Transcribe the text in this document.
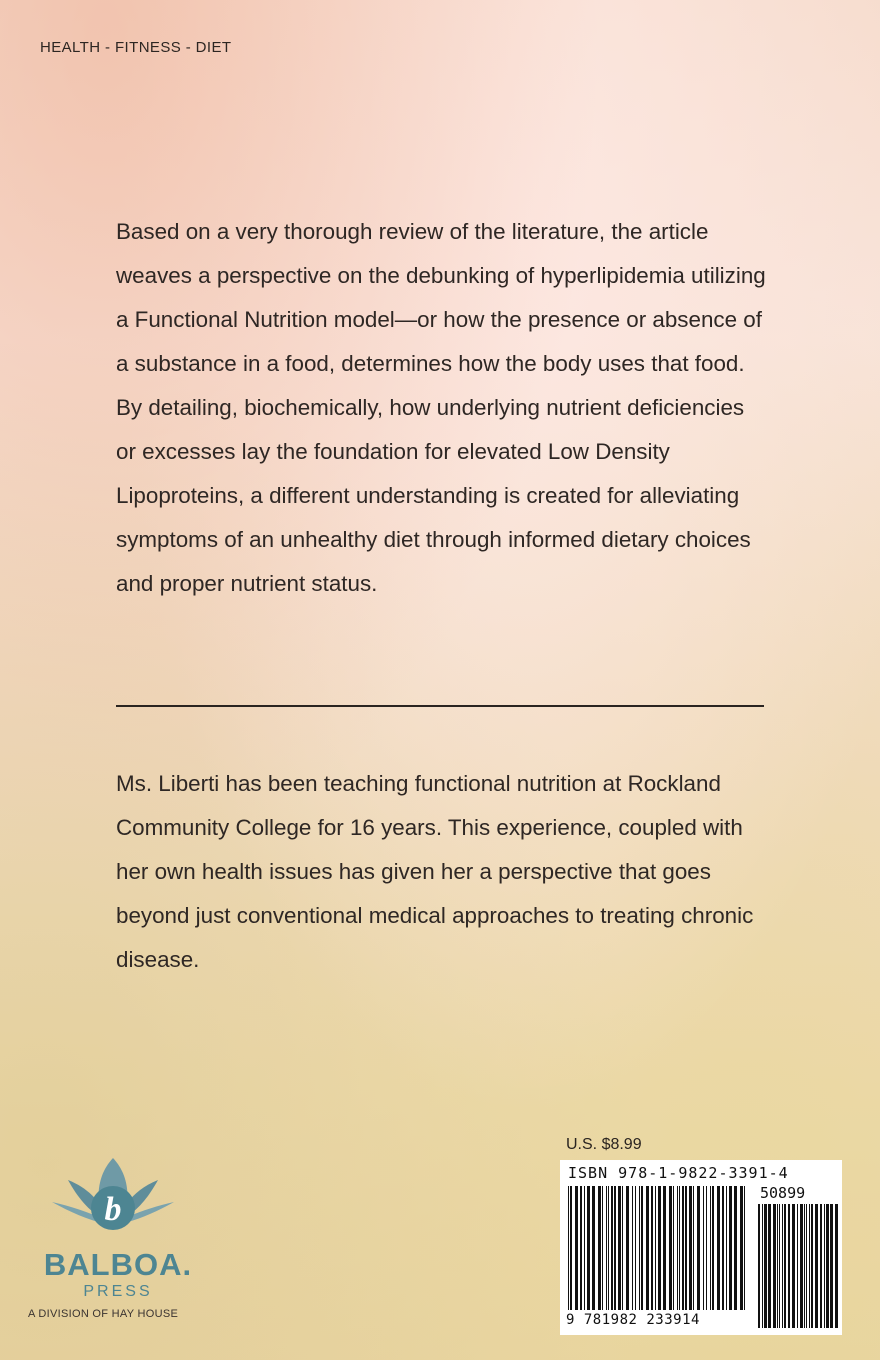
HEALTH - FITNESS - DIET

Based on a very thorough review of the literature, the article weaves a perspective on the debunking of hyperlipidemia utilizing a Functional Nutrition model—or how the presence or absence of a substance in a food, determines how the body uses that food. By detailing, biochemically, how underlying nutrient deficiencies or excesses lay the foundation for elevated Low Density Lipoproteins, a different understanding is created for alleviating symptoms of an unhealthy diet through informed dietary choices and proper nutrient status.

Ms. Liberti has been teaching functional nutrition at Rockland Community College for 16 years. This experience, coupled with her own health issues has given her a perspective that goes beyond just conventional medical approaches to treating chronic disease.

b
BALBOA.
PRESS
A DIVISION OF HAY HOUSE
U.S. $8.99
ISBN 978-1-9822-3391-4
50899
9 781982 233914
